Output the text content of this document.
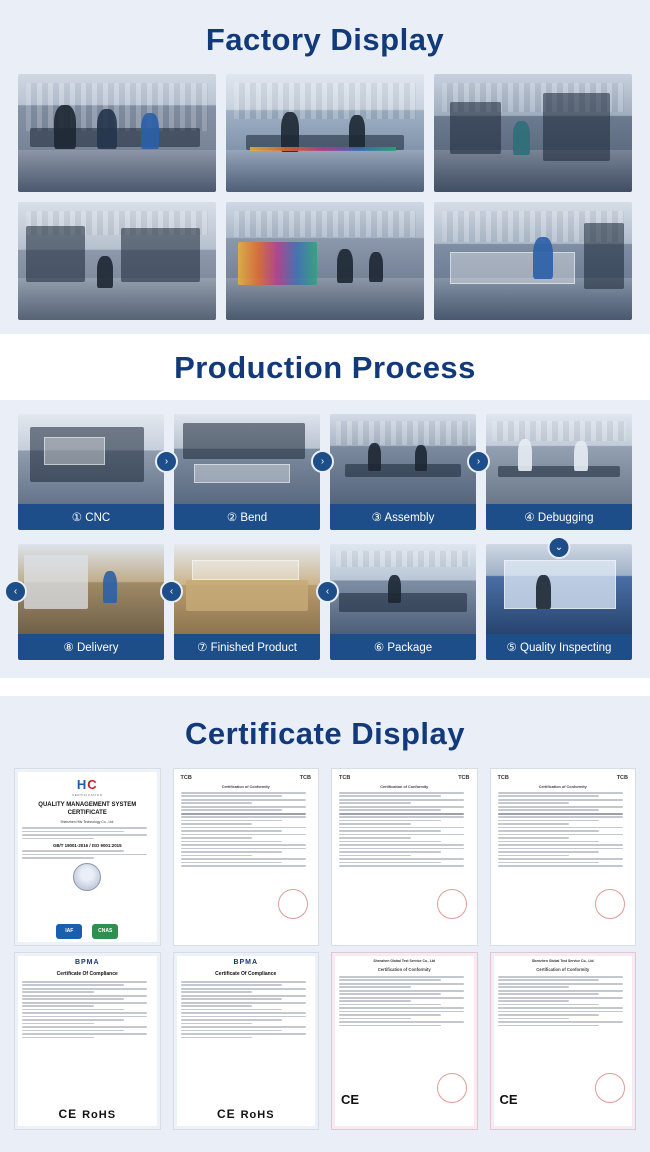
Factory Display
Production Process
① CNC
›
② Bend
›
③ Assembly
›
④ Debugging
⌄
⑧ Delivery
‹
⑦ Finished Product
‹
⑥ Package
‹
⑤ Quality Inspecting
Certificate Display
HC
CERTIFICATION
QUALITY MANAGEMENT SYSTEM CERTIFICATE
Shenzhen Hitv Technology Co., Ltd.
GB/T 19001-2016 / ISO 9001:2015
IAF	CNAS
TCB	TCB
Certification of Conformity
TCB	TCB
Certification of Conformity
TCB	TCB
Certification of Conformity
BPMA
Certificate Of Compliance
CE RoHS
BPMA
Certificate Of Compliance
CE RoHS
Shenzhen Global Test Service Co., Ltd
Certification of Conformity
CE
Shenzhen Global Test Service Co., Ltd
Certification of Conformity
CE
